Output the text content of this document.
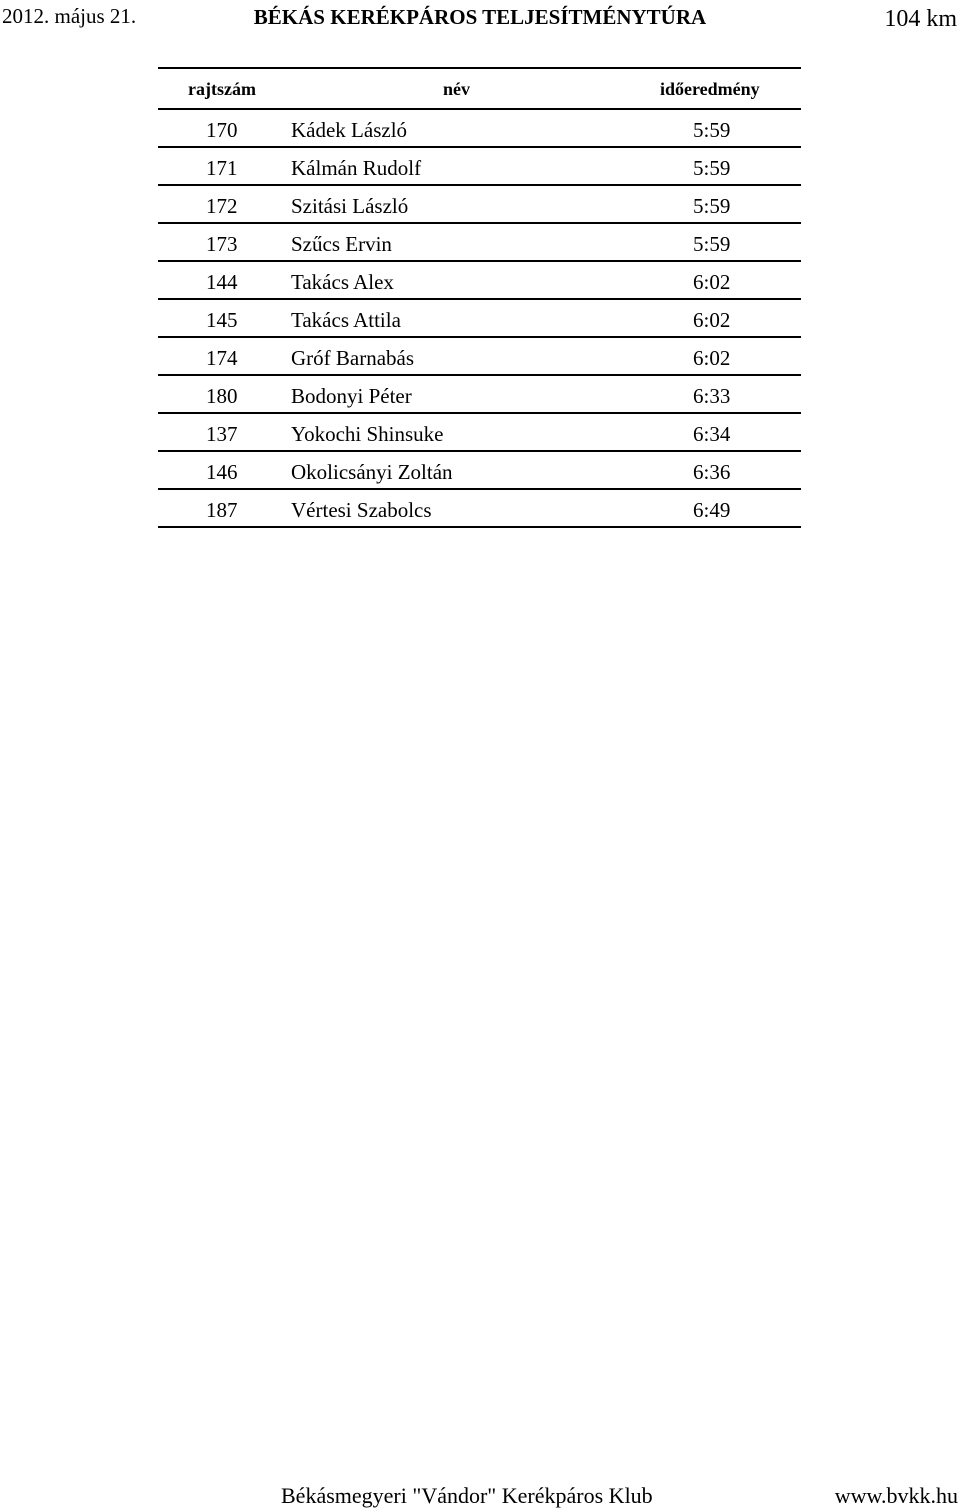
2012. május 21.	BÉKÁS KERÉKPÁROS TELJESÍTMÉNYTÚRA	104 km
rajtszám	név	időeredmény
170	Kádek László	5:59
171	Kálmán Rudolf	5:59
172	Szitási László	5:59
173	Szűcs Ervin	5:59
144	Takács Alex	6:02
145	Takács Attila	6:02
174	Gróf Barnabás	6:02
180	Bodonyi Péter	6:33
137	Yokochi Shinsuke	6:34
146	Okolicsányi Zoltán	6:36
187	Vértesi Szabolcs	6:49
Békásmegyeri "Vándor" Kerékpáros Klub	www.bvkk.hu
